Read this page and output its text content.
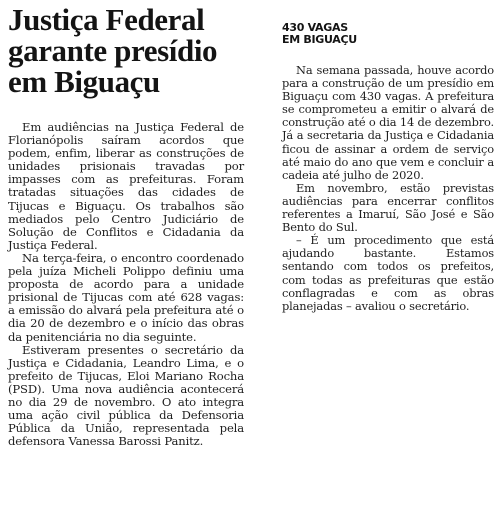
Justiça Federal
garante presídio
em Biguaçu

Em audiências na Justiça Federal de Florianópolis saíram acordos que podem, enfim, liberar as construções de unidades prisionais travadas por impasses com as prefeituras. Foram tratadas situações das cidades de Tijucas e Biguaçu. Os trabalhos são mediados pelo Centro Judiciário de Solução de Conflitos e Cidadania da Justiça Federal.

Na terça-feira, o encontro coordenado pela juíza Micheli Polippo definiu uma proposta de acordo para a unidade prisional de Tijucas com até 628 vagas: a emissão do alvará pela prefeitura até o dia 20 de dezembro e o início das obras da penitenciária no dia seguinte.

Estiveram presentes o secretário da Justiça e Cidadania, Leandro Lima, e o prefeito de Tijucas, Eloi Mariano Rocha (PSD). Uma nova audiência acontecerá no dia 29 de novembro. O ato integra uma ação civil pública da Defensoria Pública da União, representada pela defensora Vanessa Barossi Panitz.

430 VAGAS
EM BIGUAÇU

Na semana passada, houve acordo para a construção de um presídio em Biguaçu com 430 vagas. A prefeitura se comprometeu a emitir o alvará de construção até o dia 14 de dezembro. Já a secretaria da Justiça e Cidadania ficou de assinar a ordem de serviço até maio do ano que vem e concluir a cadeia até julho de 2020.

Em novembro, estão previstas audiências para encerrar conflitos referentes a Imaruí, São José e São Bento do Sul.

– É um procedimento que está ajudando bastante. Estamos sentando com todos os prefeitos, com todas as prefeituras que estão conflagradas e com as obras planejadas – avaliou o secretário.
